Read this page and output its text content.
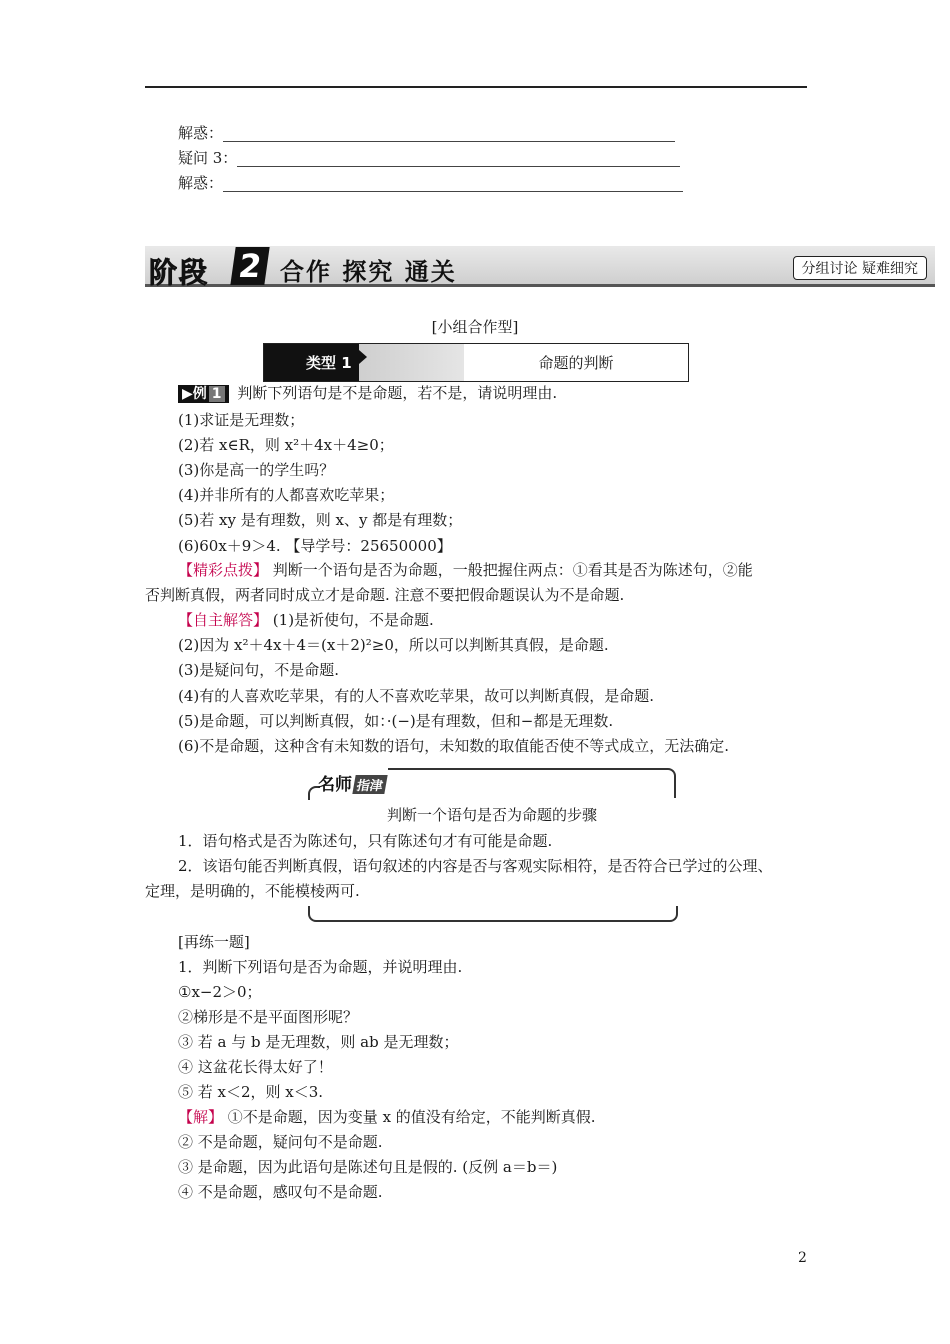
解惑：
疑问 3：
解惑：
阶段 2 合作 探究 通关	分组讨论 疑难细究
[小组合作型]
类型 1	命题的判断
▶例 1 判断下列语句是不是命题，若不是，请说明理由.
(1)求证是无理数；
(2)若 x∈R，则 x²＋4x＋4≥0；
(3)你是高一的学生吗？
(4)并非所有的人都喜欢吃苹果；
(5)若 xy 是有理数，则 x、y 都是有理数；
(6)60x＋9＞4. 【导学号：25650000】
【精彩点拨】 判断一个语句是否为命题，一般把握住两点：①看其是否为陈述句，②能
否判断真假，两者同时成立才是命题. 注意不要把假命题误认为不是命题.
【自主解答】 (1)是祈使句，不是命题.
(2)因为 x²＋4x＋4＝(x＋2)²≥0，所以可以判断其真假，是命题.
(3)是疑问句，不是命题.
(4)有的人喜欢吃苹果，有的人不喜欢吃苹果，故可以判断真假，是命题.
(5)是命题，可以判断真假，如：·(−)是有理数，但和−都是无理数.
(6)不是命题，这种含有未知数的语句，未知数的取值能否使不等式成立，无法确定.
名师 指津
判断一个语句是否为命题的步骤
1．语句格式是否为陈述句，只有陈述句才有可能是命题.
2．该语句能否判断真假，语句叙述的内容是否与客观实际相符，是否符合已学过的公理、
定理，是明确的，不能模棱两可.
[再练一题]
1．判断下列语句是否为命题，并说明理由.
①x−2＞0；
②梯形是不是平面图形呢？
③ 若 a 与 b 是无理数，则 ab 是无理数；
④ 这盆花长得太好了！
⑤ 若 x＜2，则 x＜3.
【解】 ①不是命题，因为变量 x 的值没有给定，不能判断真假.
② 不是命题，疑问句不是命题.
③ 是命题，因为此语句是陈述句且是假的. (反例 a＝b＝)
④ 不是命题，感叹句不是命题.
2
